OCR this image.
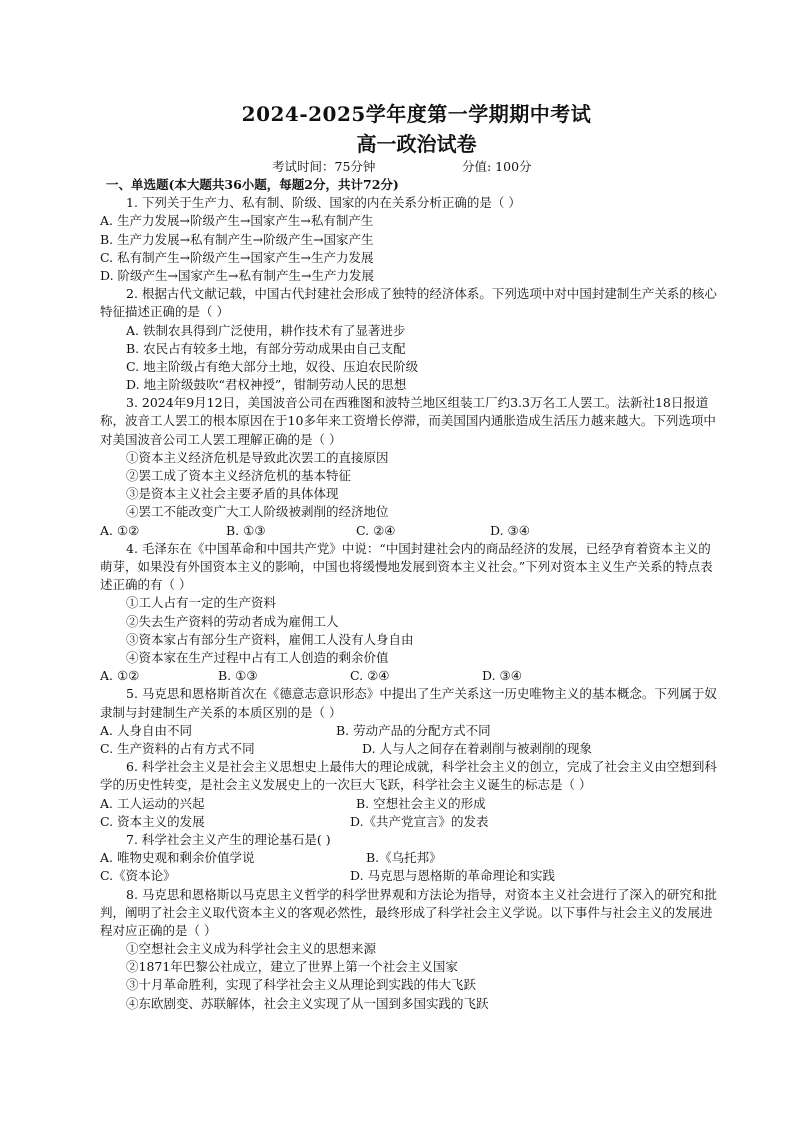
2024-2025学年度第一学期期中考试
高一政治试卷
考试时间：75分钟	分值: 100分
一、单选题(本大题共36小题，每题2分，共计72分)
1. 下列关于生产力、私有制、阶级、国家的内在关系分析正确的是（ ）
A. 生产力发展→阶级产生→国家产生→私有制产生
B. 生产力发展→私有制产生→阶级产生→国家产生
C. 私有制产生→阶级产生→国家产生→生产力发展
D. 阶级产生→国家产生→私有制产生→生产力发展
2. 根据古代文献记载，中国古代封建社会形成了独特的经济体系。下列选项中对中国封建制生产关系的核心特征描述正确的是（ ）
A. 铁制农具得到广泛使用，耕作技术有了显著进步
B. 农民占有较多土地，有部分劳动成果由自己支配
C. 地主阶级占有绝大部分土地，奴役、压迫农民阶级
D. 地主阶级鼓吹“君权神授”，钳制劳动人民的思想
3. 2024年9月12日，美国波音公司在西雅图和波特兰地区组装工厂约3.3万名工人罢工。法新社18日报道称，波音工人罢工的根本原因在于10多年来工资增长停滞，而美国国内通胀造成生活压力越来越大。下列选项中对美国波音公司工人罢工理解正确的是（ ）
①资本主义经济危机是导致此次罢工的直接原因
②罢工成了资本主义经济危机的基本特征
③是资本主义社会主要矛盾的具体体现
④罢工不能改变广大工人阶级被剥削的经济地位
A. ①②	B. ①③	C. ②④	D. ③④
4. 毛泽东在《中国革命和中国共产党》中说：“中国封建社会内的商品经济的发展，已经孕育着资本主义的萌芽，如果没有外国资本主义的影响，中国也将缓慢地发展到资本主义社会。”下列对资本主义生产关系的特点表述正确的有（ ）
①工人占有一定的生产资料
②失去生产资料的劳动者成为雇佣工人
③资本家占有部分生产资料，雇佣工人没有人身自由
④资本家在生产过程中占有工人创造的剩余价值
A. ①②	B. ①③	C. ②④	D. ③④
5. 马克思和恩格斯首次在《德意志意识形态》中提出了生产关系这一历史唯物主义的基本概念。下列属于奴隶制与封建制生产关系的本质区别的是（ ）
A. 人身自由不同	B. 劳动产品的分配方式不同
C. 生产资料的占有方式不同	D. 人与人之间存在着剥削与被剥削的现象
6. 科学社会主义是社会主义思想史上最伟大的理论成就，科学社会主义的创立，完成了社会主义由空想到科学的历史性转变，是社会主义发展史上的一次巨大飞跃，科学社会主义诞生的标志是（ ）
A. 工人运动的兴起	B. 空想社会主义的形成
C. 资本主义的发展	D.《共产党宣言》的发表
7. 科学社会主义产生的理论基石是( )
A. 唯物史观和剩余价值学说	B.《乌托邦》
C.《资本论》	D. 马克思与恩格斯的革命理论和实践
8. 马克思和恩格斯以马克思主义哲学的科学世界观和方法论为指导，对资本主义社会进行了深入的研究和批判，阐明了社会主义取代资本主义的客观必然性，最终形成了科学社会主义学说。以下事件与社会主义的发展进程对应正确的是（ ）
①空想社会主义成为科学社会主义的思想来源
②1871年巴黎公社成立，建立了世界上第一个社会主义国家
③十月革命胜利，实现了科学社会主义从理论到实践的伟大飞跃
④东欧剧变、苏联解体，社会主义实现了从一国到多国实践的飞跃
